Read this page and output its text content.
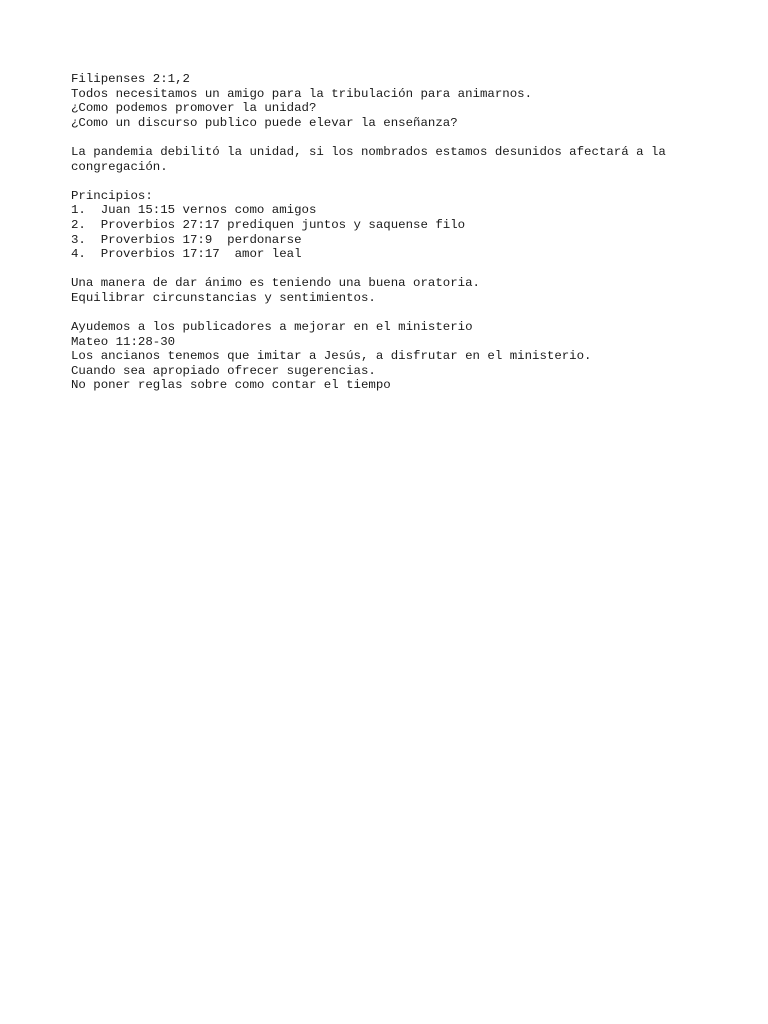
Filipenses 2:1,2
Todos necesitamos un amigo para la tribulación para animarnos.
¿Como podemos promover la unidad?
¿Como un discurso publico puede elevar la enseñanza?
La pandemia debilitó la unidad, si los nombrados estamos desunidos afectará a la congregación.
Principios:
1.  Juan 15:15 vernos como amigos
2.  Proverbios 27:17 prediquen juntos y saquense filo
3.  Proverbios 17:9  perdonarse
4.  Proverbios 17:17  amor leal
Una manera de dar ánimo es teniendo una buena oratoria.
Equilibrar circunstancias y sentimientos.
Ayudemos a los publicadores a mejorar en el ministerio
Mateo 11:28-30
Los ancianos tenemos que imitar a Jesús, a disfrutar en el ministerio.
Cuando sea apropiado ofrecer sugerencias.
No poner reglas sobre como contar el tiempo
